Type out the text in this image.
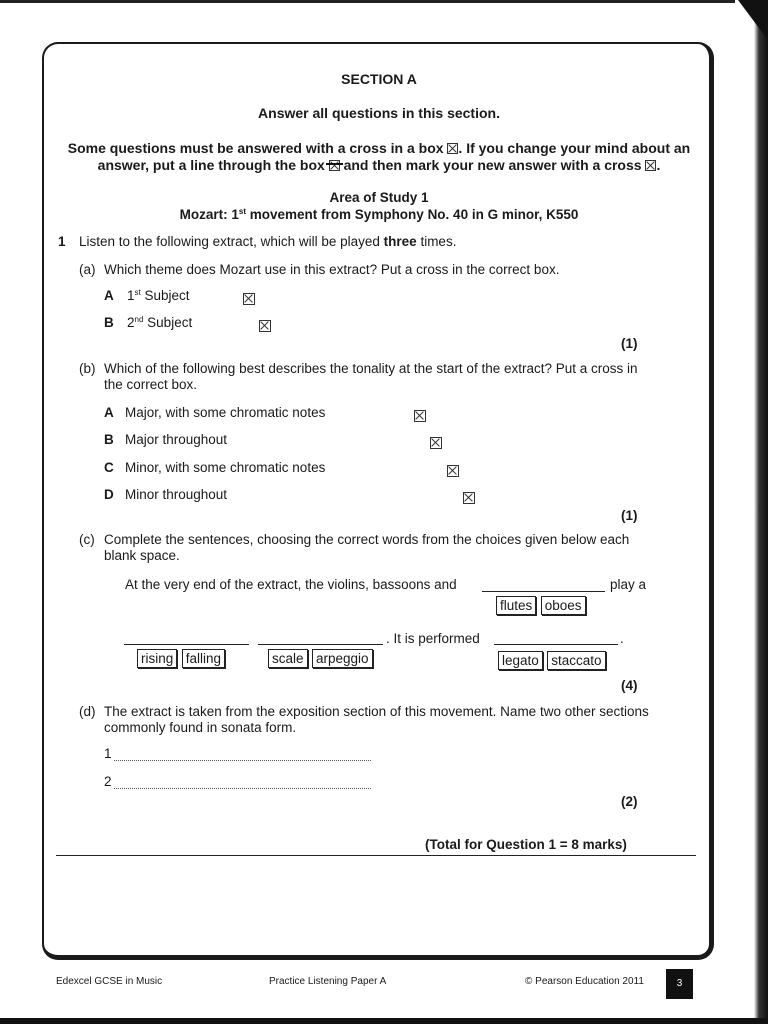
SECTION A
Answer all questions in this section.
Some questions must be answered with a cross in a box ☒. If you change your mind about an
answer, put a line through the box and then mark your new answer with a cross ☒.
Area of Study 1
Mozart: 1st movement from Symphony No. 40 in G minor, K550
1 Listen to the following extract, which will be played three times.
(a) Which theme does Mozart use in this extract? Put a cross in the correct box.
A 1st Subject

B 2nd Subject

(1)
(b) Which of the following best describes the tonality at the start of the extract? Put a cross in
the correct box.
A Major, with some chromatic notes

B Major throughout

C Minor, with some chromatic notes

D Minor throughout
(1)
(c) Complete the sentences, choosing the correct words from the choices given below each
blank space.
At the very end of the extract, the violins, bassoons and	play a
flutes oboes
. It is performed	.
rising falling	scale arpeggio	legato staccato
(4)
(d) The extract is taken from the exposition section of this movement. Name two other sections
commonly found in sonata form.
1
2
(2)
(Total for Question 1 = 8 marks)
Edexcel GCSE in Music	Practice Listening Paper A	© Pearson Education 2011	3
